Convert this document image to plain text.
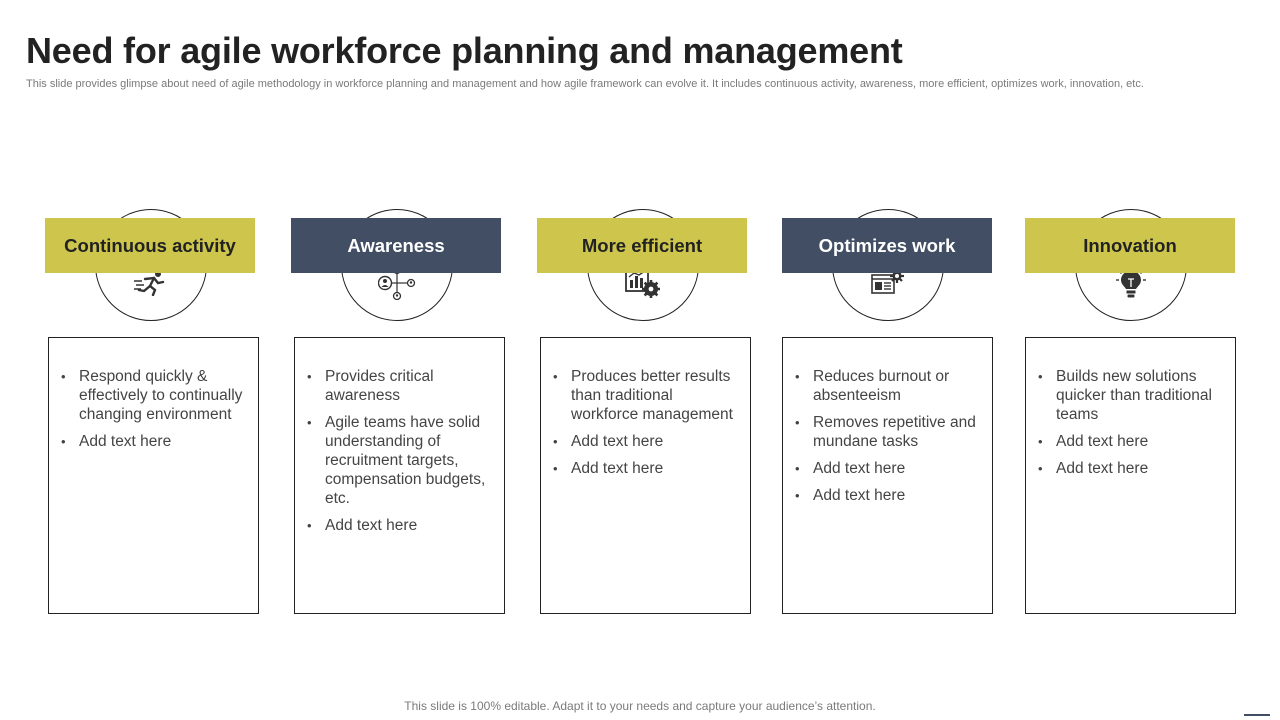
Need for agile workforce planning and management
This slide provides glimpse about need of agile methodology in workforce planning and management and how agile framework can evolve it. It includes continuous activity, awareness, more efficient, optimizes work, innovation, etc.
Continuous activity
• Respond quickly & effectively to continually changing environment
• Add text here
Awareness
• Provides critical awareness
• Agile teams have solid understanding of recruitment targets, compensation budgets, etc.
• Add text here
More efficient
• Produces better results than traditional workforce management
• Add text here
• Add text here
Optimizes work
• Reduces burnout or absenteeism
• Removes repetitive and mundane tasks
• Add text here
• Add text here
Innovation
• Builds new solutions quicker than traditional teams
• Add text here
• Add text here
This slide is 100% editable. Adapt it to your needs and capture your audience’s attention.
